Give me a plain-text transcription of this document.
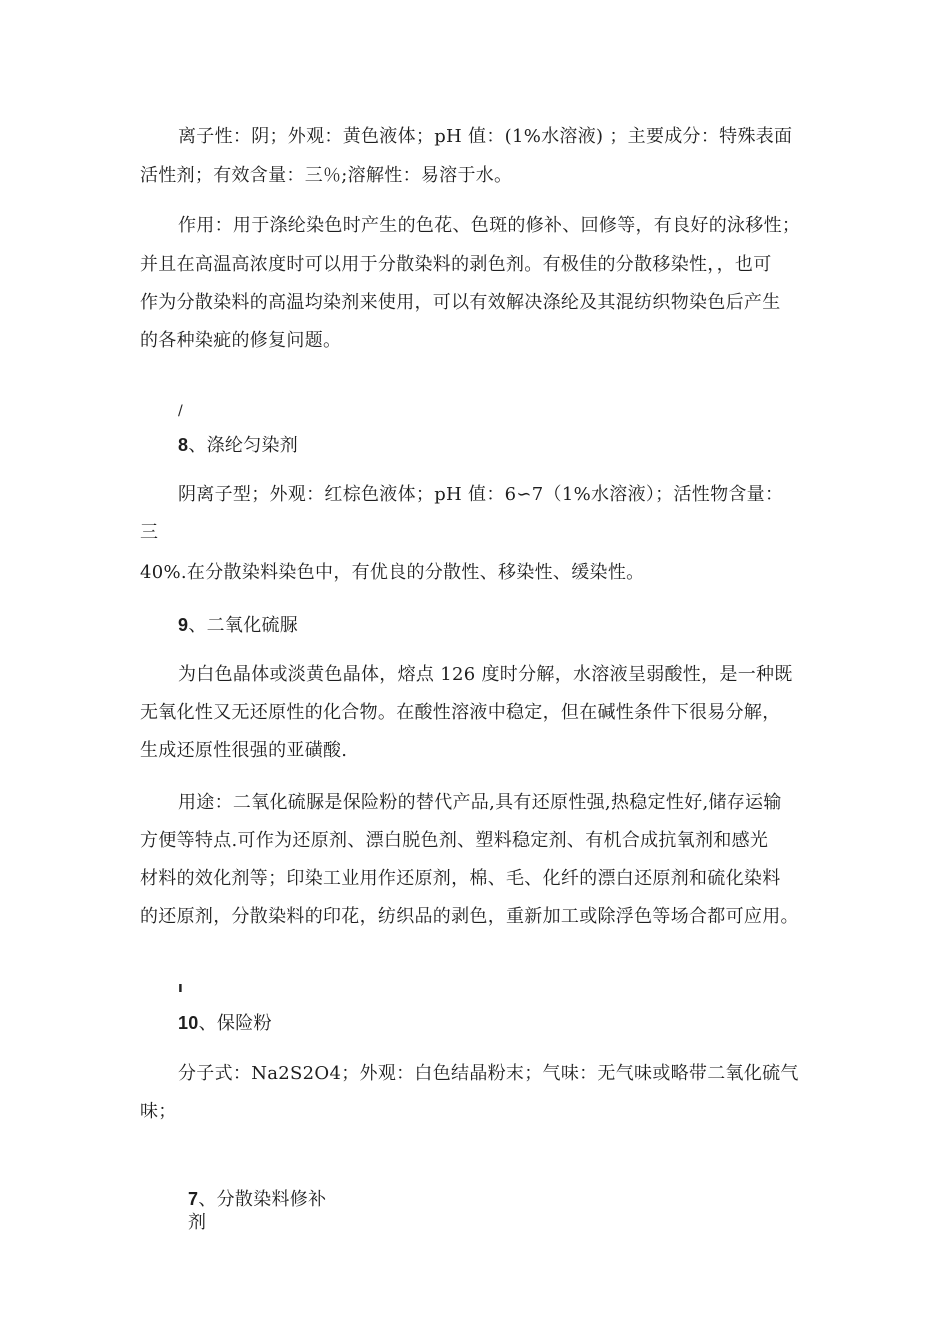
离子性：阴；外观：黄色液体；pH 值：(1%水溶液) ；主要成分：特殊表面
活性剂；有效含量：三％;溶解性：易溶于水。
作用：用于涤纶染色时产生的色花、色斑的修补、回修等，有良好的泳移性；
并且在高温高浓度时可以用于分散染料的剥色剂。有极佳的分散移染性，，也可
作为分散染料的高温均染剂来使用，可以有效解决涤纶及其混纺织物染色后产生
的各种染疵的修复问题。
/
8、涤纶匀染剂
阴离子型；外观：红棕色液体；pH 值：6∽7（1%水溶液）；活性物含量：
三
40%.在分散染料染色中，有优良的分散性、移染性、缓染性。
9、二氧化硫脲
为白色晶体或淡黄色晶体，熔点 126 度时分解，水溶液呈弱酸性，是一种既
无氧化性又无还原性的化合物。在酸性溶液中稳定，但在碱性条件下很易分解，
生成还原性很强的亚磺酸.
用途：二氧化硫脲是保险粉的替代产品,具有还原性强,热稳定性好,储存运输
方便等特点.可作为还原剂、漂白脱色剂、塑料稳定剂、有机合成抗氧剂和感光
材料的效化剂等；印染工业用作还原剂，棉、毛、化纤的漂白还原剂和硫化染料
的还原剂，分散染料的印花，纺织品的剥色，重新加工或除浮色等场合都可应用。
ı
10、保险粉
分子式：Na2S2O4；外观：白色结晶粉末；气味：无气味或略带二氧化硫气
味；
7、分散染料修补
剂
